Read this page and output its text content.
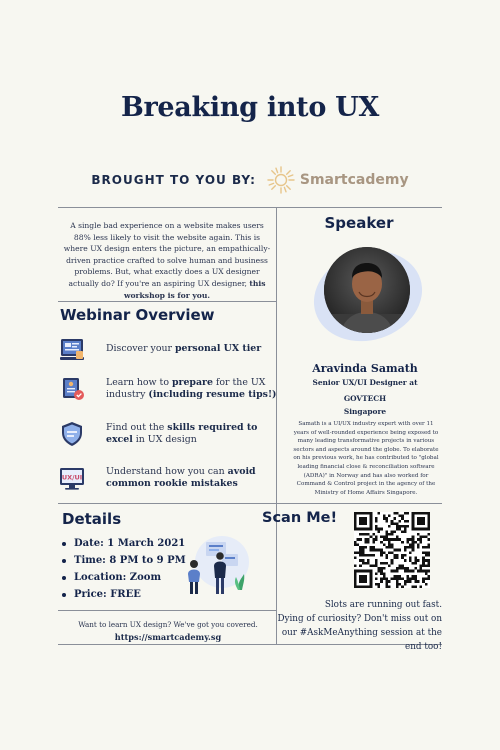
Breaking into UX
BROUGHT TO YOU BY:	Smartcademy
A single bad experience on a website makes users 88% less likely to visit the website again. This is where UX design enters the picture, an empathically-driven practice crafted to solve human and business problems. But, what exactly does a UX designer actually do? If you're an aspiring UX designer, this workshop is for you.
Webinar Overview
Discover your personal UX tier
Learn how to prepare for the UX industry (including resume tips!)
Find out the skills required to excel in UX design
UX/UI
Understand how you can avoid common rookie mistakes
Speaker
Aravinda Samath
Senior UX/UI Designer at
GOVTECH
Singapore
Samath is a UI/UX industry expert with over 11 years of well-rounded experience being exposed to many leading transformative projects in various sectors and aspects around the globe. To elaborate on his previous work, he has contributed to "global leading financial close & reconciliation software (ADRA)" in Norway and has also worked for Command & Control project in the agency of the Ministry of Home Affairs Singapore.
Details
Date: 1 March 2021
Time: 8 PM to 9 PM
Location: Zoom
Price: FREE
Want to learn UX design? We've got you covered.
https://smartcademy.sg
Scan Me!
Slots are running out fast.
Dying of curiosity? Don't miss out on
our #AskMeAnything session at the end too!
